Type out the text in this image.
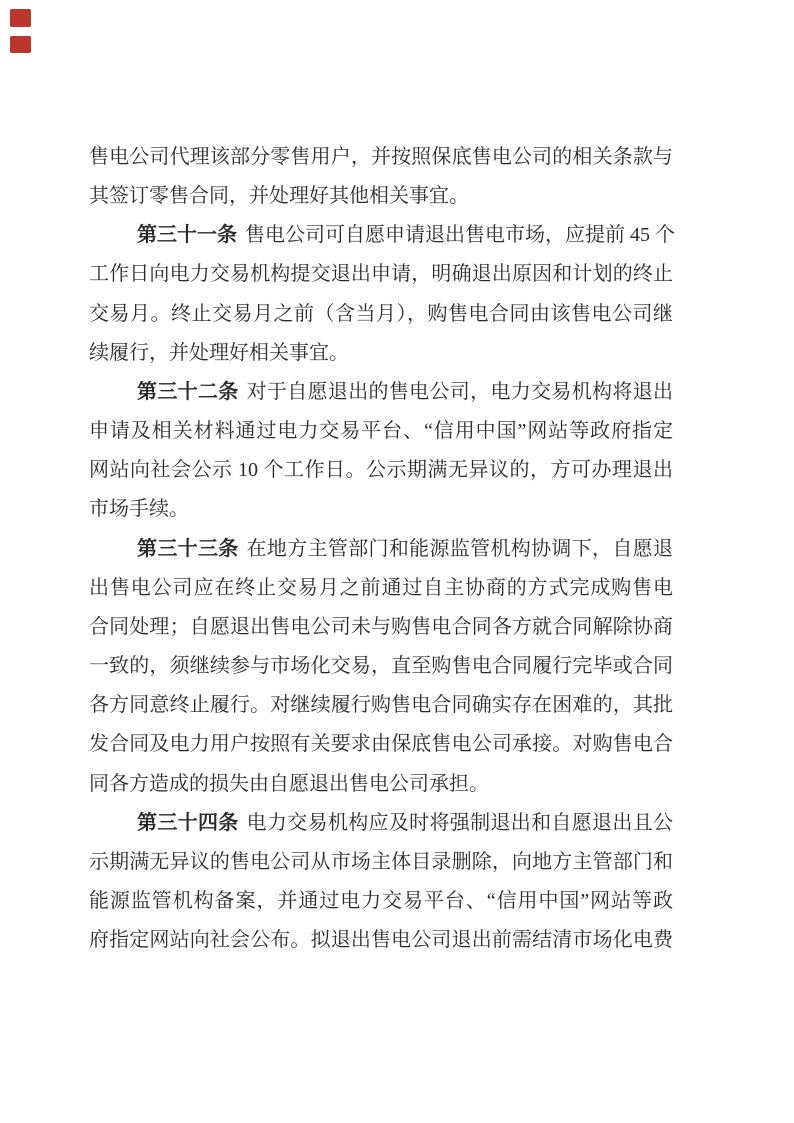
售电公司代理该部分零售用户，并按照保底售电公司的相关条款与
其签订零售合同，并处理好其他相关事宜。
第三十一条 售电公司可自愿申请退出售电市场，应提前 45 个
工作日向电力交易机构提交退出申请，明确退出原因和计划的终止
交易月。终止交易月之前（含当月），购售电合同由该售电公司继
续履行，并处理好相关事宜。
第三十二条 对于自愿退出的售电公司，电力交易机构将退出
申请及相关材料通过电力交易平台、“信用中国”网站等政府指定
网站向社会公示 10 个工作日。公示期满无异议的，方可办理退出
市场手续。
第三十三条 在地方主管部门和能源监管机构协调下，自愿退
出售电公司应在终止交易月之前通过自主协商的方式完成购售电
合同处理；自愿退出售电公司未与购售电合同各方就合同解除协商
一致的，须继续参与市场化交易，直至购售电合同履行完毕或合同
各方同意终止履行。对继续履行购售电合同确实存在困难的，其批
发合同及电力用户按照有关要求由保底售电公司承接。对购售电合
同各方造成的损失由自愿退出售电公司承担。
第三十四条 电力交易机构应及时将强制退出和自愿退出且公
示期满无异议的售电公司从市场主体目录删除，向地方主管部门和
能源监管机构备案，并通过电力交易平台、“信用中国”网站等政
府指定网站向社会公布。拟退出售电公司退出前需结清市场化电费
